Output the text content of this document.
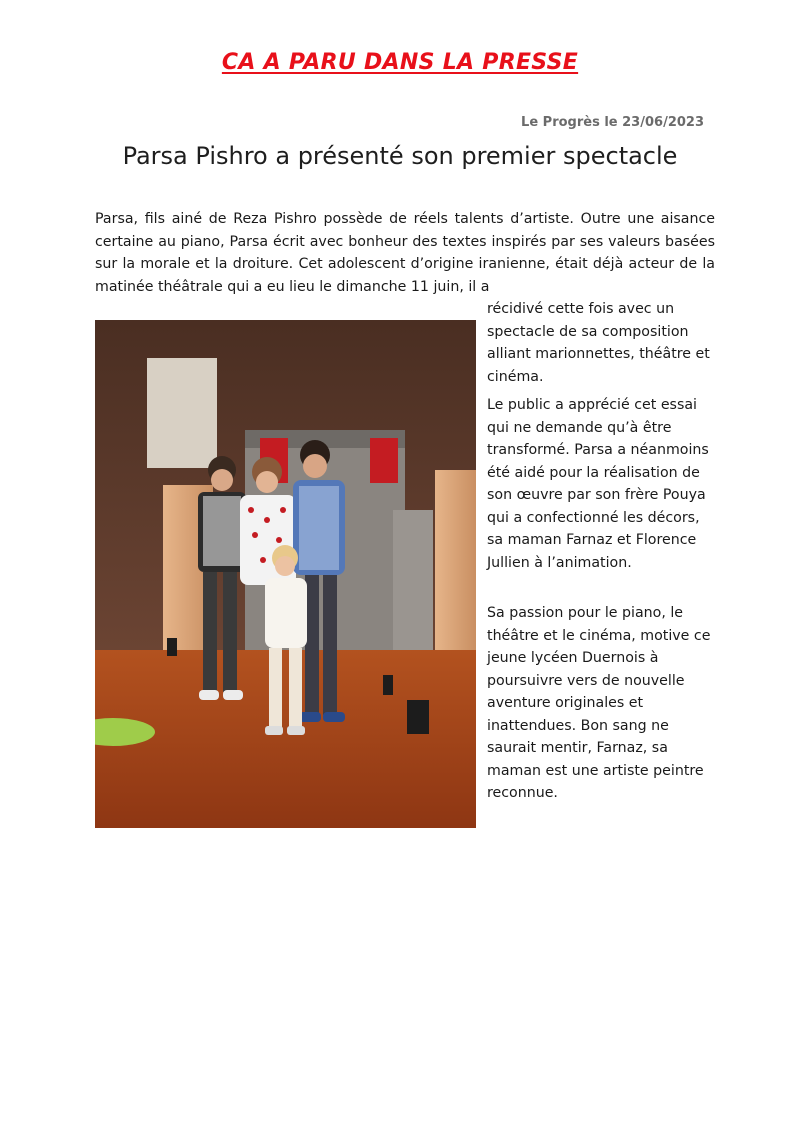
CA A PARU DANS LA PRESSE
Le Progrès le 23/06/2023
Parsa Pishro a présenté son premier spectacle

Parsa, fils ainé de Reza Pishro possède de réels talents d’artiste. Outre une aisance certaine au piano, Parsa écrit avec bonheur des textes inspirés par ses valeurs basées sur la morale et la droiture. Cet adolescent d’origine iranienne, était déjà acteur de la matinée théâtrale qui a eu lieu le dimanche 11 juin, il a

récidivé cette fois avec un spectacle de sa composition alliant marionnettes, théâtre et cinéma.

Le public a apprécié cet essai qui ne demande qu’à être transformé. Parsa a néanmoins été aidé pour la réalisation de son œuvre par son frère Pouya qui a confectionné les décors, sa maman Farnaz et Florence Jullien à l’animation.

Sa passion pour le piano, le théâtre et le cinéma, motive ce jeune lycéen Duernois à poursuivre vers de nouvelle aventure originales et inattendues. Bon sang ne saurait mentir, Farnaz, sa maman est une artiste peintre reconnue.
